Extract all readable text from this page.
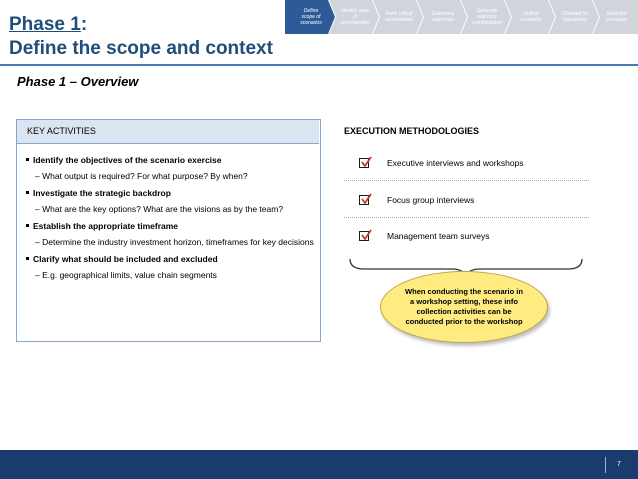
Phase 1:
Define the scope and context
Phase 1 – Overview
Define scope of scenarios
Identify axes of uncertainties
Rank critical uncertainties
Determine outcomes
Generate outcome combinations
Outline scenarios
Checked for robustness
Describe scenarios
KEY ACTIVITIES
Identify the objectives of the scenario exercise
– What output is required? For what purpose? By when?
Investigate the strategic backdrop
– What are the key options? What are the visions as by the team?
Establish the appropriate timeframe
– Determine the industry investment horizon, timeframes for key decisions
Clarify what should be included and excluded
– E.g. geographical limits, value chain segments
EXECUTION METHODOLOGIES
Executive interviews and workshops
Focus group interviews
Management team surveys
When conducting the scenario in a workshop setting, these info collection activities can be conducted prior to the workshop
7
